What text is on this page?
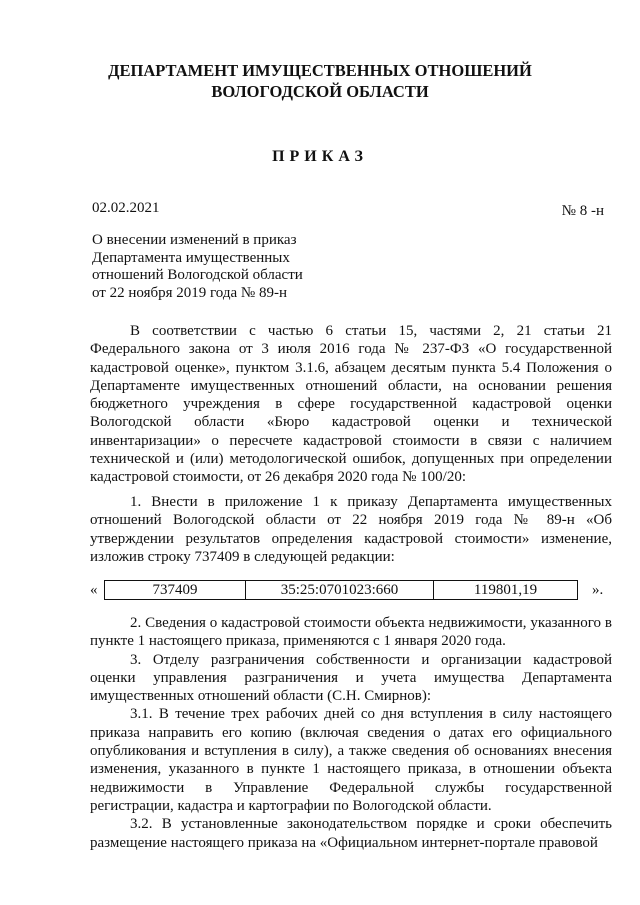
ДЕПАРТАМЕНТ ИМУЩЕСТВЕННЫХ ОТНОШЕНИЙ
ВОЛОГОДСКОЙ ОБЛАСТИ
ПРИКАЗ
02.02.2021	№ 8 -н
О внесении изменений в приказ
Департамента имущественных
отношений Вологодской области
от 22 ноября 2019 года № 89-н

В соответствии с частью 6 статьи 15, частями 2, 21 статьи 21 Федерального закона от 3 июля 2016 года № 237-ФЗ «О государственной кадастровой оценке», пунктом 3.1.6, абзацем десятым пункта 5.4 Положения о Департаменте имущественных отношений области, на основании решения бюджетного учреждения в сфере государственной кадастровой оценки Вологодской области «Бюро кадастровой оценки и технической инвентаризации» о пересчете кадастровой стоимости в связи с наличием технической и (или) методологической ошибок, допущенных при определении кадастровой стоимости, от 26 декабря 2020 года № 100/20:

1. Внести в приложение 1 к приказу Департамента имущественных отношений Вологодской области от 22 ноября 2019 года № 89-н «Об утверждении результатов определения кадастровой стоимости» изменение, изложив строку 737409 в следующей редакции:

«	737409	35:25:0701023:660	119801,19	».

2. Сведения о кадастровой стоимости объекта недвижимости, указанного в пункте 1 настоящего приказа, применяются с 1 января 2020 года.

3. Отделу разграничения собственности и организации кадастровой оценки управления разграничения и учета имущества Департамента имущественных отношений области (С.Н. Смирнов):

3.1. В течение трех рабочих дней со дня вступления в силу настоящего приказа направить его копию (включая сведения о датах его официального опубликования и вступления в силу), а также сведения об основаниях внесения изменения, указанного в пункте 1 настоящего приказа, в отношении объекта недвижимости в Управление Федеральной службы государственной регистрации, кадастра и картографии по Вологодской области.

3.2. В установленные законодательством порядке и сроки обеспечить размещение настоящего приказа на «Официальном интернет-портале правовой
